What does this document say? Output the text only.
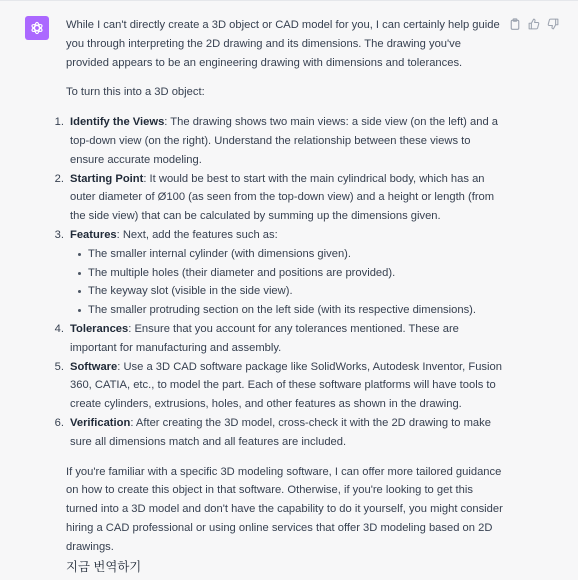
While I can't directly create a 3D object or CAD model for you, I can certainly help guide you through interpreting the 2D drawing and its dimensions. The drawing you've provided appears to be an engineering drawing with dimensions and tolerances.

To turn this into a 3D object:

1. Identify the Views: The drawing shows two main views: a side view (on the left) and a top-down view (on the right). Understand the relationship between these views to ensure accurate modeling.
2. Starting Point: It would be best to start with the main cylindrical body, which has an outer diameter of Ø100 (as seen from the top-down view) and a height or length (from the side view) that can be calculated by summing up the dimensions given.
3. Features: Next, add the features such as:
The smaller internal cylinder (with dimensions given).
The multiple holes (their diameter and positions are provided).
The keyway slot (visible in the side view).
The smaller protruding section on the left side (with its respective dimensions).
4. Tolerances: Ensure that you account for any tolerances mentioned. These are important for manufacturing and assembly.
5. Software: Use a 3D CAD software package like SolidWorks, Autodesk Inventor, Fusion 360, CATIA, etc., to model the part. Each of these software platforms will have tools to create cylinders, extrusions, holes, and other features as shown in the drawing.
6. Verification: After creating the 3D model, cross-check it with the 2D drawing to make sure all dimensions match and all features are included.

If you're familiar with a specific 3D modeling software, I can offer more tailored guidance on how to create this object in that software. Otherwise, if you're looking to get this turned into a 3D model and don't have the capability to do it yourself, you might consider hiring a CAD professional or using online services that offer 3D modeling based on 2D drawings.

지금 번역하기
